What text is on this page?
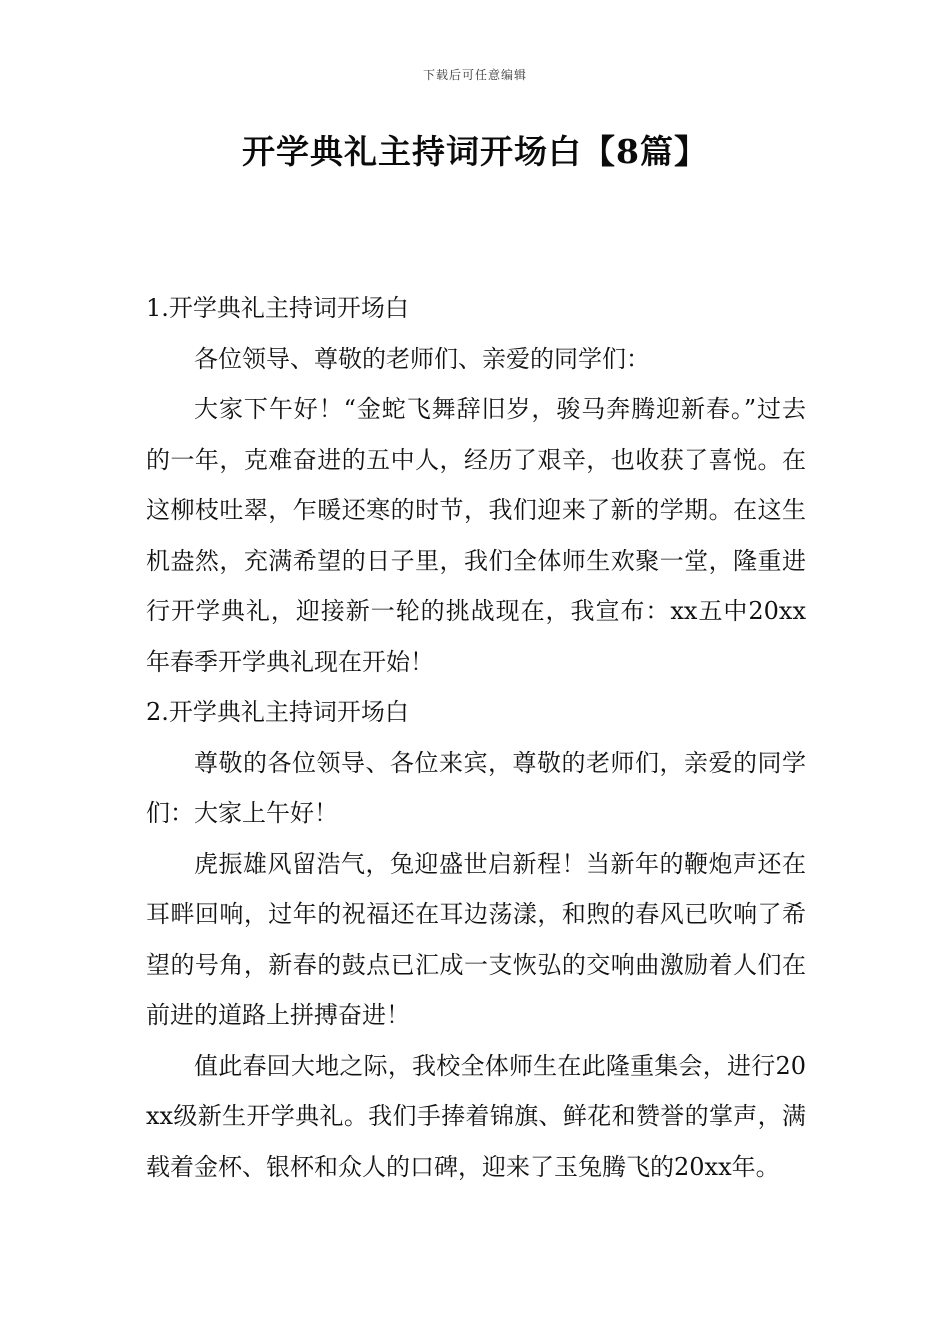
下载后可任意编辑
开学典礼主持词开场白【8篇】

1.开学典礼主持词开场白

各位领导、尊敬的老师们、亲爱的同学们：

大家下午好！“金蛇飞舞辞旧岁，骏马奔腾迎新春。”过去的一年，克难奋进的五中人，经历了艰辛，也收获了喜悦。在这柳枝吐翠，乍暖还寒的时节，我们迎来了新的学期。在这生机盎然，充满希望的日子里，我们全体师生欢聚一堂，隆重进行开学典礼，迎接新一轮的挑战现在，我宣布：xx五中20xx年春季开学典礼现在开始！

2.开学典礼主持词开场白

尊敬的各位领导、各位来宾，尊敬的老师们，亲爱的同学们：大家上午好！

虎振雄风留浩气，兔迎盛世启新程！当新年的鞭炮声还在耳畔回响，过年的祝福还在耳边荡漾，和煦的春风已吹响了希望的号角，新春的鼓点已汇成一支恢弘的交响曲激励着人们在前进的道路上拼搏奋进！

值此春回大地之际，我校全体师生在此隆重集会，进行20xx级新生开学典礼。我们手捧着锦旗、鲜花和赞誉的掌声，满载着金杯、银杯和众人的口碑，迎来了玉兔腾飞的20xx年。
